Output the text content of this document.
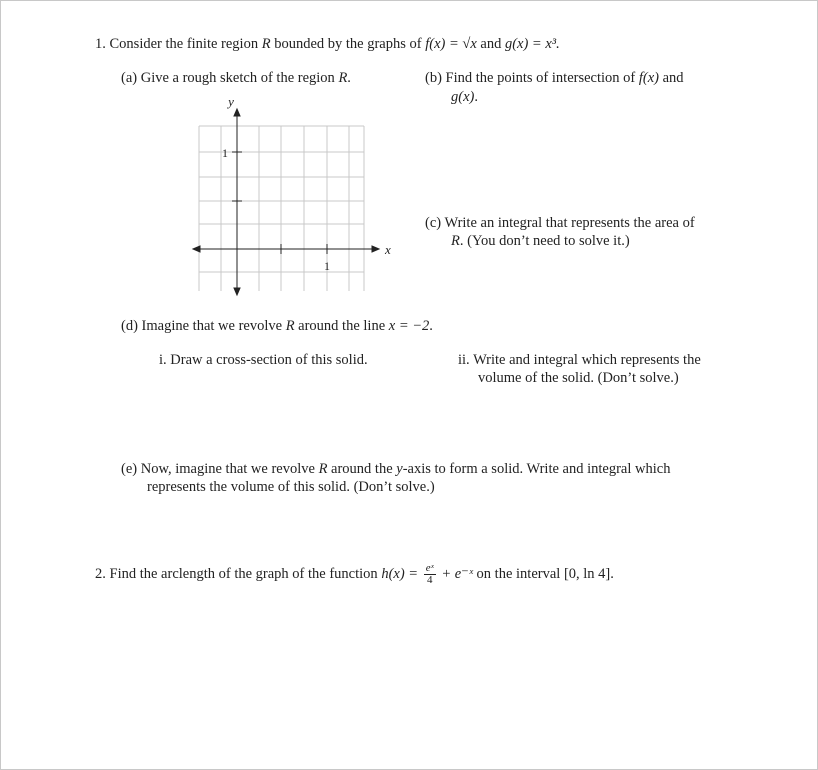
1. Consider the finite region R bounded by the graphs of f(x) = √x and g(x) = x³.
(a) Give a rough sketch of the region R.	(b) Find the points of intersection of f(x) and
g(x).
y
x
1
1
(c) Write an integral that represents the area of
R. (You don’t need to solve it.)
(d) Imagine that we revolve R around the line x = −2.
i. Draw a cross-section of this solid.	ii. Write and integral which represents the
volume of the solid. (Don’t solve.)
(e) Now, imagine that we revolve R around the y-axis to form a solid. Write and integral which
represents the volume of this solid. (Don’t solve.)
2. Find the arclength of the graph of the function $h(x) = \frac{\text{eˣ}}{4}$ + e⁻ˣ on the interval [0, ln 4].
